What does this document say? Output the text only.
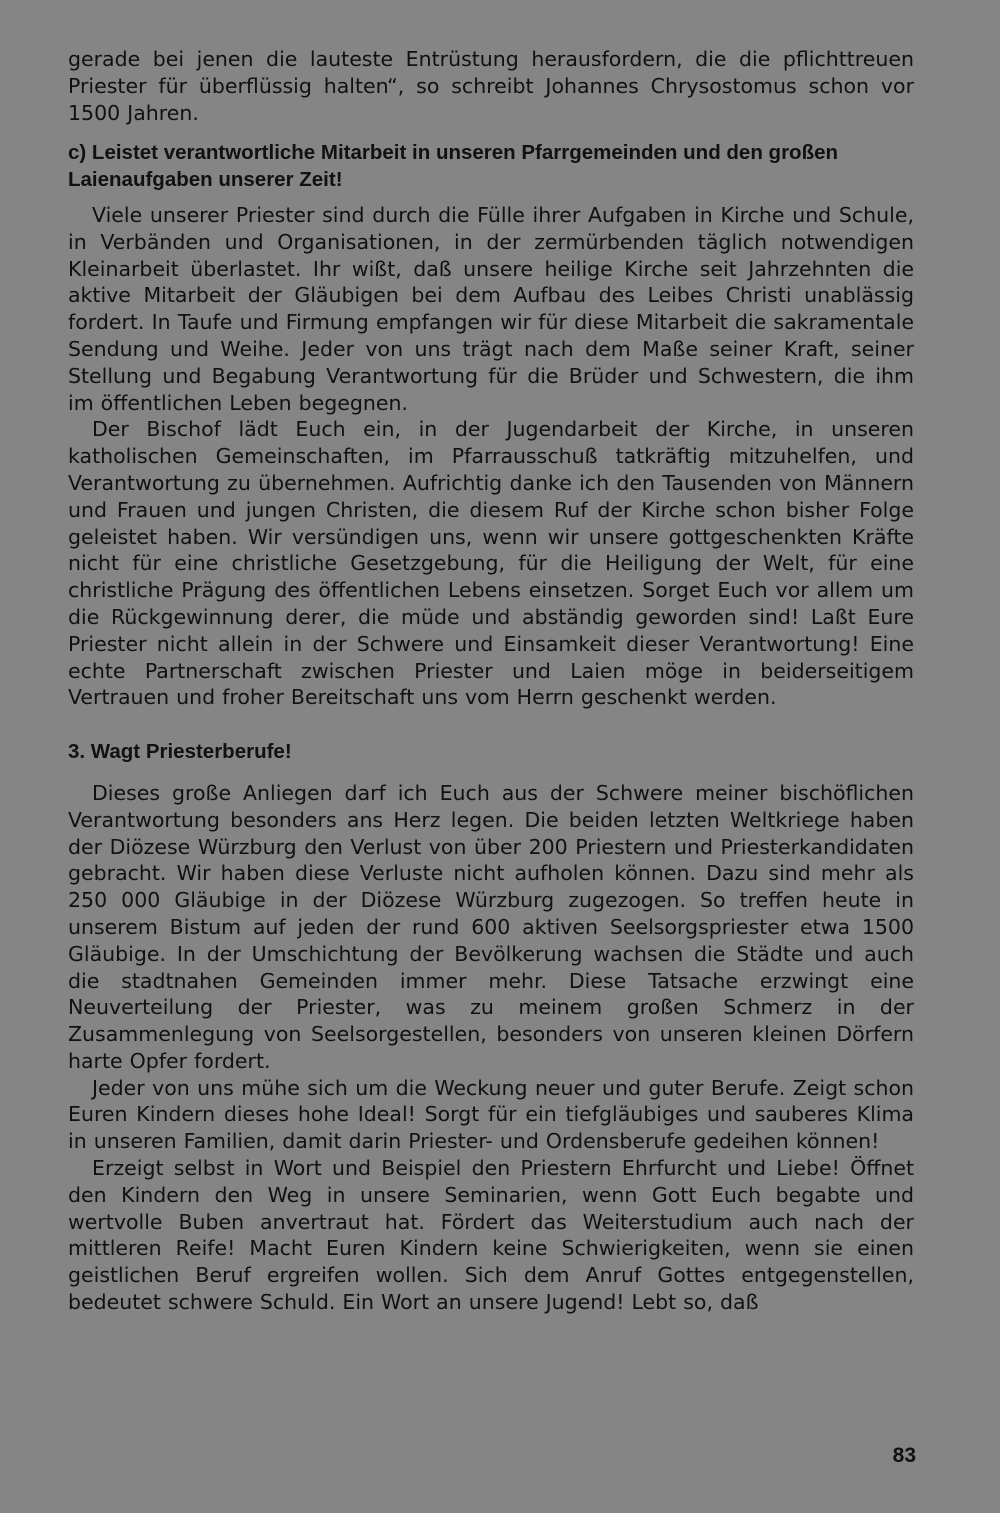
gerade bei jenen die lauteste Entrüstung herausfordern, die die pflichttreuen Priester für überflüssig halten“, so schreibt Johannes Chrysostomus schon vor 1500 Jahren.

c) Leistet verantwortliche Mitarbeit in unseren Pfarrgemeinden und den großen Laienaufgaben unserer Zeit!

Viele unserer Priester sind durch die Fülle ihrer Aufgaben in Kirche und Schule, in Verbänden und Organisationen, in der zermürbenden täglich notwendigen Kleinarbeit überlastet. Ihr wißt, daß unsere heilige Kirche seit Jahrzehnten die aktive Mitarbeit der Gläubigen bei dem Aufbau des Leibes Christi unablässig fordert. In Taufe und Firmung empfangen wir für diese Mitarbeit die sakramentale Sendung und Weihe. Jeder von uns trägt nach dem Maße seiner Kraft, seiner Stellung und Begabung Verantwortung für die Brüder und Schwestern, die ihm im öffentlichen Leben begegnen.

Der Bischof lädt Euch ein, in der Jugendarbeit der Kirche, in unseren katholischen Gemeinschaften, im Pfarrausschuß tatkräftig mitzuhelfen, und Verantwortung zu übernehmen. Aufrichtig danke ich den Tausenden von Männern und Frauen und jungen Christen, die diesem Ruf der Kirche schon bisher Folge geleistet haben. Wir versündigen uns, wenn wir unsere gottgeschenkten Kräfte nicht für eine christliche Gesetzgebung, für die Heiligung der Welt, für eine christliche Prägung des öffentlichen Lebens einsetzen. Sorget Euch vor allem um die Rückgewinnung derer, die müde und abständig geworden sind! Laßt Eure Priester nicht allein in der Schwere und Einsamkeit dieser Verantwortung! Eine echte Partnerschaft zwischen Priester und Laien möge in beiderseitigem Vertrauen und froher Bereitschaft uns vom Herrn geschenkt werden.

3. Wagt Priesterberufe!

Dieses große Anliegen darf ich Euch aus der Schwere meiner bischöflichen Verantwortung besonders ans Herz legen. Die beiden letzten Weltkriege haben der Diözese Würzburg den Verlust von über 200 Priestern und Priesterkandidaten gebracht. Wir haben diese Verluste nicht aufholen können. Dazu sind mehr als 250 000 Gläubige in der Diözese Würzburg zugezogen. So treffen heute in unserem Bistum auf jeden der rund 600 aktiven Seelsorgspriester etwa 1500 Gläubige. In der Umschichtung der Bevölkerung wachsen die Städte und auch die stadtnahen Gemeinden immer mehr. Diese Tatsache erzwingt eine Neuverteilung der Priester, was zu meinem großen Schmerz in der Zusammenlegung von Seelsorgestellen, besonders von unseren kleinen Dörfern harte Opfer fordert.

Jeder von uns mühe sich um die Weckung neuer und guter Berufe. Zeigt schon Euren Kindern dieses hohe Ideal! Sorgt für ein tiefgläubiges und sauberes Klima in unseren Familien, damit darin Priester- und Ordensberufe gedeihen können!

Erzeigt selbst in Wort und Beispiel den Priestern Ehrfurcht und Liebe! Öffnet den Kindern den Weg in unsere Seminarien, wenn Gott Euch begabte und wertvolle Buben anvertraut hat. Fördert das Weiterstudium auch nach der mittleren Reife! Macht Euren Kindern keine Schwierigkeiten, wenn sie einen geistlichen Beruf ergreifen wollen. Sich dem Anruf Gottes entgegenstellen, bedeutet schwere Schuld. Ein Wort an unsere Jugend! Lebt so, daß

83
